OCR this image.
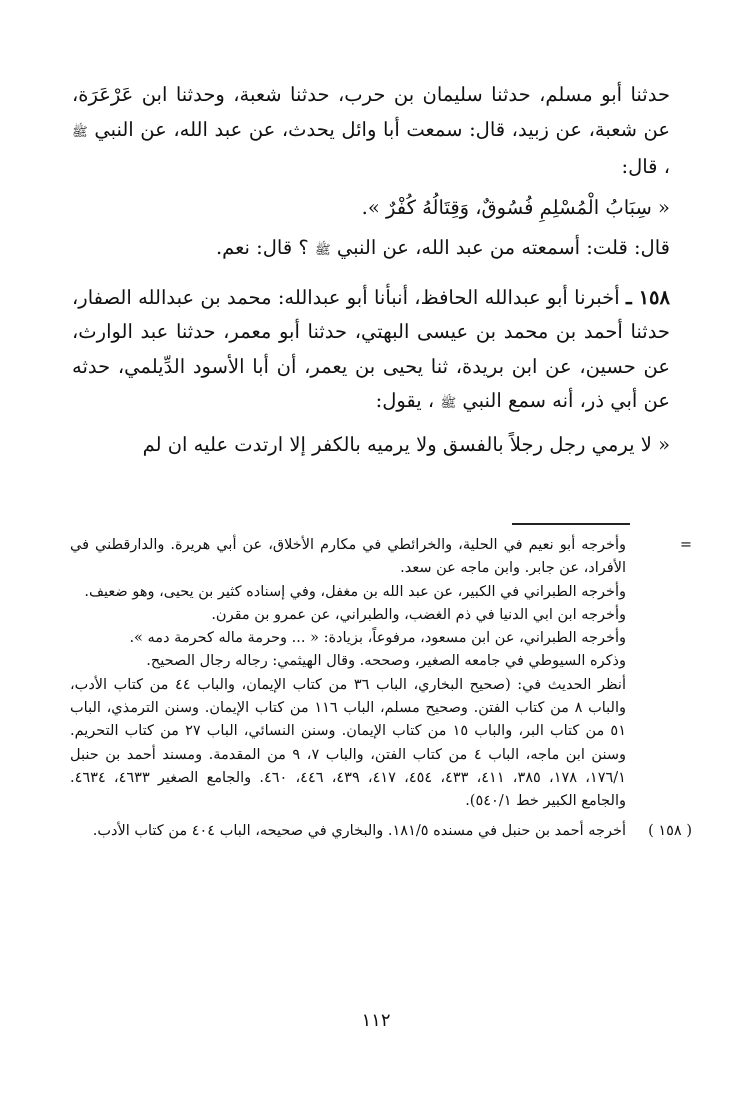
حدثنا أبو مسلم، حدثنا سليمان بن حرب، حدثنا شعبة، وحدثنا ابن عَرْعَرَة، عن شعبة، عن زبيد، قال: سمعت أبا وائل يحدث، عن عبد الله، عن النبي ﷺ ، قال:

« سِبَابُ الْمُسْلِمِ فُسُوقٌ، وَقِتَالُهُ كُفْرٌ ».

قال: قلت: أسمعته من عبد الله، عن النبي ﷺ ؟ قال: نعم.

١٥٨ ـ أخبرنا أبو عبدالله الحافظ، أنبأنا أبو عبدالله: محمد بن عبدالله الصفار، حدثنا أحمد بن محمد بن عيسى البهتي، حدثنا أبو معمر، حدثنا عبد الوارث، عن حسين، عن ابن بريدة، ثنا يحيى بن يعمر، أن أبا الأسود الدِّيلمي، حدثه عن أبي ذر، أنه سمع النبي ﷺ ، يقول:

« لا يرمي رجل رجلاً بالفسق ولا يرميه بالكفر إلا ارتدت عليه ان لم

=

وأخرجه أبو نعيم في الحلية، والخرائطي في مكارم الأخلاق، عن أبي هريرة. والدارقطني في الأفراد، عن جابر. وابن ماجه عن سعد.

وأخرجه الطبراني في الكبير، عن عبد الله بن مغفل، وفي إسناده كثير بن يحيى، وهو ضعيف.

وأخرجه ابن ابي الدنيا في ذم الغضب، والطبراني، عن عمرو بن مقرن.

وأخرجه الطبراني، عن ابن مسعود، مرفوعاً، بزيادة: « ... وحرمة ماله كحرمة دمه ».

وذكره السيوطي في جامعه الصغير، وصححه. وقال الهيثمي: رجاله رجال الصحيح.

أنظر الحديث في: (صحيح البخاري، الباب ٣٦ من كتاب الإيمان، والباب ٤٤ من كتاب الأدب، والباب ٨ من كتاب الفتن. وصحيح مسلم، الباب ١١٦ من كتاب الإيمان. وسنن الترمذي، الباب ٥١ من كتاب البر، والباب ١٥ من كتاب الإيمان. وسنن النسائي، الباب ٢٧ من كتاب التحريم. وسنن ابن ماجه، الباب ٤ من كتاب الفتن، والباب ٧، ٩ من المقدمة. ومسند أحمد بن حنبل ١٧٦/١، ١٧٨، ٣٨٥، ٤١١، ٤٣٣، ٤٥٤، ٤١٧، ٤٣٩، ٤٤٦، ٤٦٠. والجامع الصغير ٤٦٣٣، ٤٦٣٤. والجامع الكبير خط ٥٤٠/١).

( ١٥٨ )
أخرجه أحمد بن حنبل في مسنده ١٨١/٥. والبخاري في صحيحه، الباب ٤٠٤ من كتاب الأدب.
١١٢
